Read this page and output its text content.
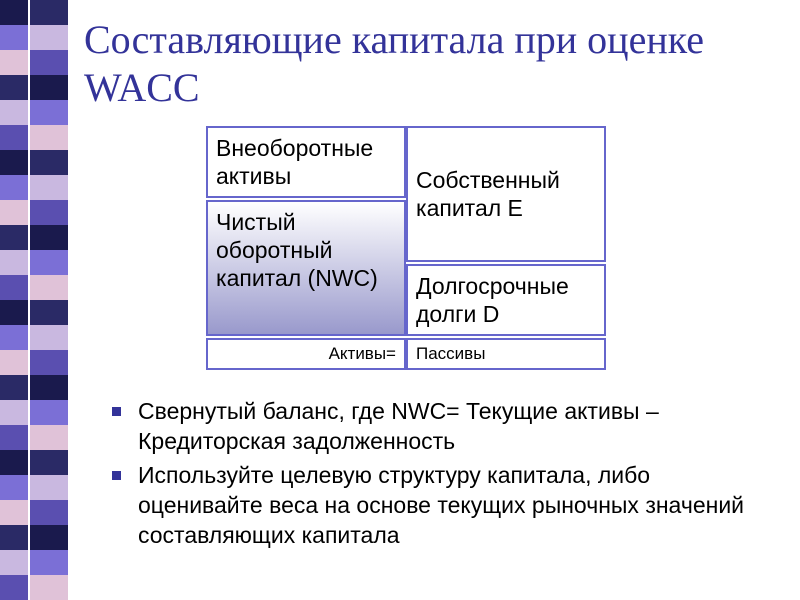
Составляющие капитала при оценке WACC
Внеоборотные активы
Чистый оборотный капитал (NWC)
Собственный капитал E
Долгосрочные долги D
Активы= Пассивы
Свернутый баланс, где NWC= Текущие активы – Кредиторская задолженность
Используйте целевую структуру капитала, либо оценивайте веса на основе текущих рыночных значений составляющих капитала
